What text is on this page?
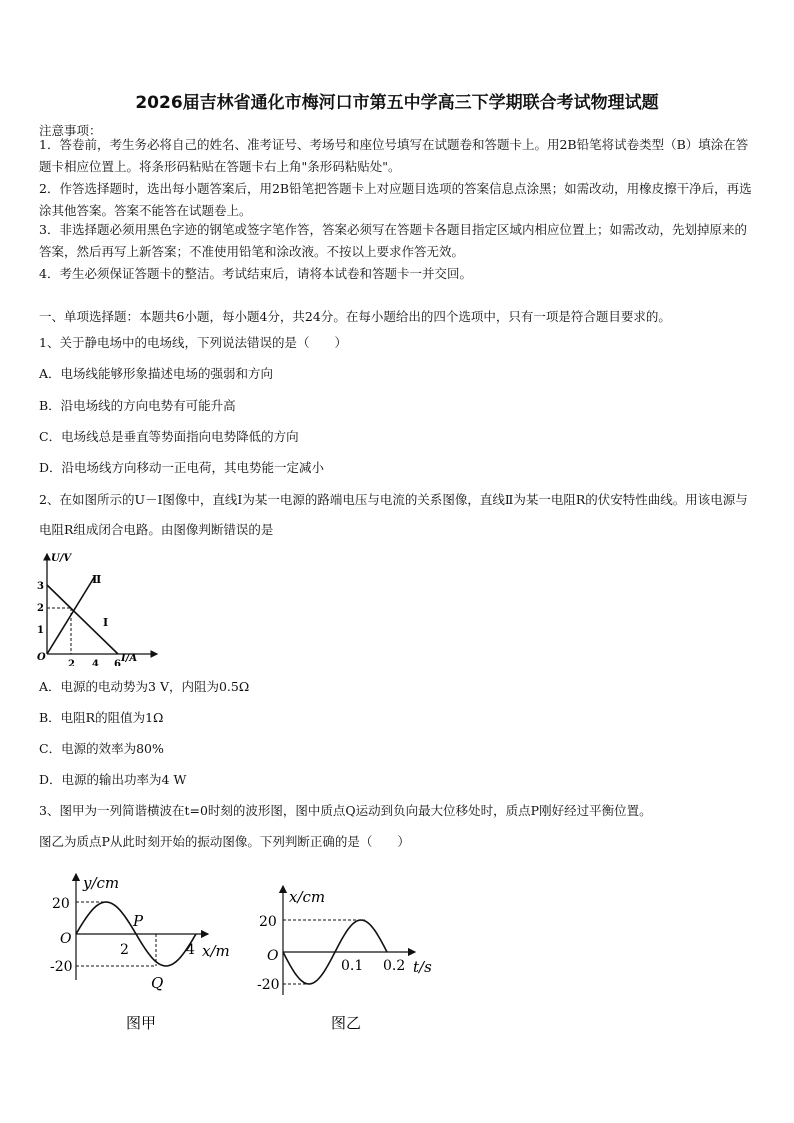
2026届吉林省通化市梅河口市第五中学高三下学期联合考试物理试题
注意事项：
1．答卷前，考生务必将自己的姓名、准考证号、考场号和座位号填写在试题卷和答题卡上。用2B铅笔将试卷类型（B）填涂在答题卡相应位置上。将条形码粘贴在答题卡右上角"条形码粘贴处"。
2．作答选择题时，选出每小题答案后，用2B铅笔把答题卡上对应题目选项的答案信息点涂黑；如需改动，用橡皮擦干净后，再选涂其他答案。答案不能答在试题卷上。
3．非选择题必须用黑色字迹的钢笔或签字笔作答，答案必须写在答题卡各题目指定区域内相应位置上；如需改动，先划掉原来的答案，然后再写上新答案；不准使用铅笔和涂改液。不按以上要求作答无效。
4．考生必须保证答题卡的整洁。考试结束后，请将本试卷和答题卡一并交回。
一、单项选择题：本题共6小题，每小题4分，共24分。在每小题给出的四个选项中，只有一项是符合题目要求的。
1、关于静电场中的电场线，下列说法错误的是（　　）
A．电场线能够形象描述电场的强弱和方向
B．沿电场线的方向电势有可能升高
C．电场线总是垂直等势面指向电势降低的方向
D．沿电场线方向移动一正电荷，其电势能一定减小
2、在如图所示的U－I图像中，直线Ⅰ为某一电源的路端电压与电流的关系图像，直线Ⅱ为某一电阻R的伏安特性曲线。用该电源与电阻R组成闭合电路。由图像判断错误的是
U/V
I/A
O
3
2
1
2 4 6
Ⅱ
Ⅰ
A．电源的电动势为3 V，内阻为0.5Ω
B．电阻R的阻值为1Ω
C．电源的效率为80%
D．电源的输出功率为4 W
3、图甲为一列简谐横波在t=0时刻的波形图，图中质点Q运动到负向最大位移处时，质点P刚好经过平衡位置。
图乙为质点P从此时刻开始的振动图像。下列判断正确的是（　　）
y/cm
x/m
O
20
-20
2	4
P
Q
图甲
x/cm
t/s
O
20
-20
0.1 0.2
图乙
